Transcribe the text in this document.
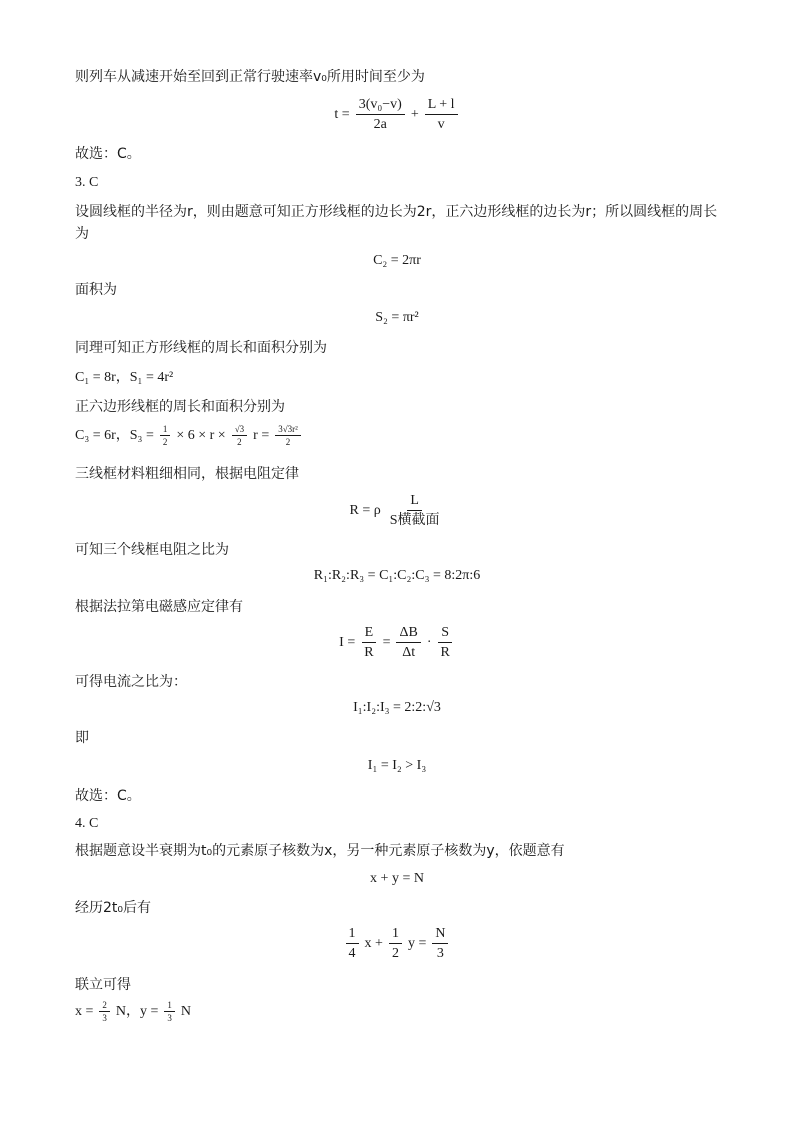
则列车从减速开始至回到正常行驶速率v₀所用时间至少为
$t = \frac{\text{3(v₀−v)}}{2a} + \frac{L + l}{v}$
故选：C。
3. C
设圆线框的半径为r，则由题意可知正方形线框的边长为2r，正六边形线框的边长为r；所以圆线框的周长
为
C₂ = 2πr
面积为
S₂ = πr²
同理可知正方形线框的周长和面积分别为
C₁ = 8r，S₁ = 4r²
正六边形线框的周长和面积分别为
C₃ = 6r，$S_3 = \frac{1}{2} \times 6 \times r \times \frac{√3}{2}$ $r = \frac{\text{3√3r²}}{2}$
三线框材料粗细相同，根据电阻定律
R = ρ $\frac{L}{\text{S横截面}}$
可知三个线框电阻之比为
R₁:R₂:R₃ = C₁:C₂:C₃ = 8:2π:6
根据法拉第电磁感应定律有
$I = \frac{E}{R} = \frac{\Delta B}{\Delta t} \cdot \frac{S}{R}$
可得电流之比为：
I₁:I₂:I₃ = 2:2:√3
即
I₁ = I₂ > I₃
故选：C。
4. C
根据题意设半衰期为t₀的元素原子核数为x，另一种元素原子核数为y，依题意有
x + y = N
经历2t₀后有
$\frac{1}{4}$ $x + \frac{1}{2}$ $y = \frac{N}{3}$
联立可得
$x = \frac{2}{3}$ N，$y = \frac{1}{3}$ N
